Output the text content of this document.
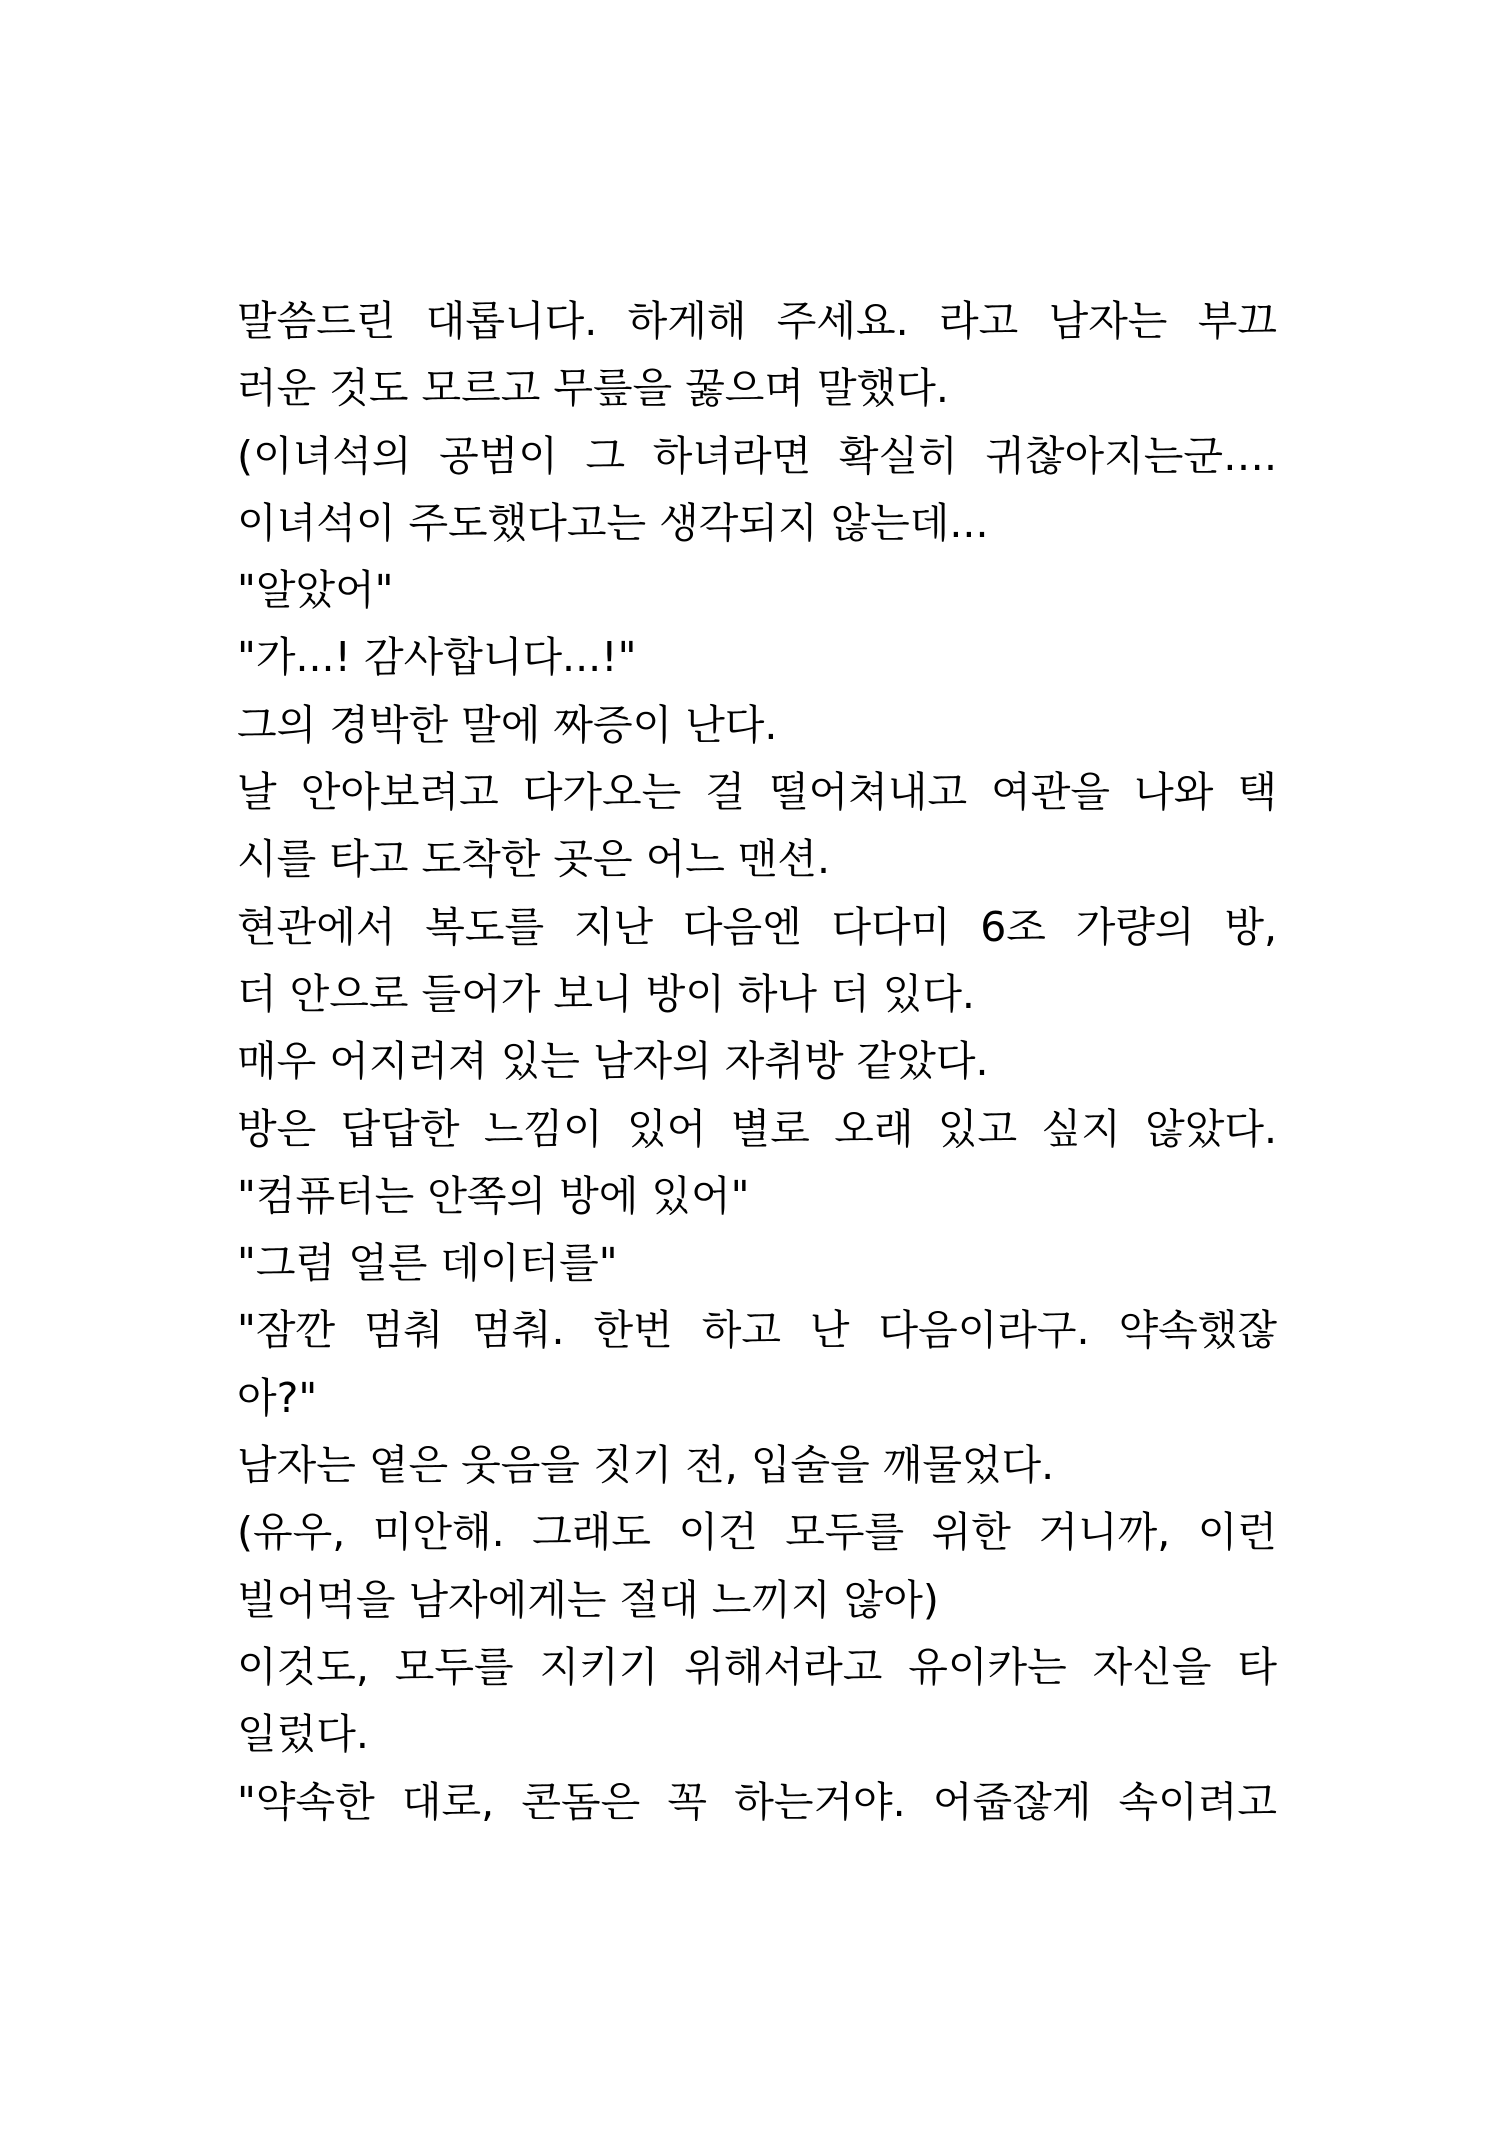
말씀드린 대롭니다. 하게해 주세요. 라고 남자는 부끄
러운 것도 모르고 무릎을 꿇으며 말했다.
(이녀석의 공범이 그 하녀라면 확실히 귀찮아지는군….
이녀석이 주도했다고는 생각되지 않는데...
"알았어"
"가...! 감사합니다...!"
그의 경박한 말에 짜증이 난다.
날 안아보려고 다가오는 걸 떨어쳐내고 여관을 나와 택
시를 타고 도착한 곳은 어느 맨션.
현관에서 복도를 지난 다음엔 다다미 6조 가량의 방,
더 안으로 들어가 보니 방이 하나 더 있다.
매우 어지러져 있는 남자의 자취방 같았다.
방은 답답한 느낌이 있어 별로 오래 있고 싶지 않았다.
"컴퓨터는 안쪽의 방에 있어"
"그럼 얼른 데이터를"
"잠깐 멈춰 멈춰. 한번 하고 난 다음이라구. 약속했잖
아?"
남자는 옅은 웃음을 짓기 전, 입술을 깨물었다.
(유우, 미안해. 그래도 이건 모두를 위한 거니까, 이런
빌어먹을 남자에게는 절대 느끼지 않아)
이것도, 모두를 지키기 위해서라고 유이카는 자신을 타
일렀다.
"약속한 대로, 콘돔은 꼭 하는거야. 어줍잖게 속이려고
